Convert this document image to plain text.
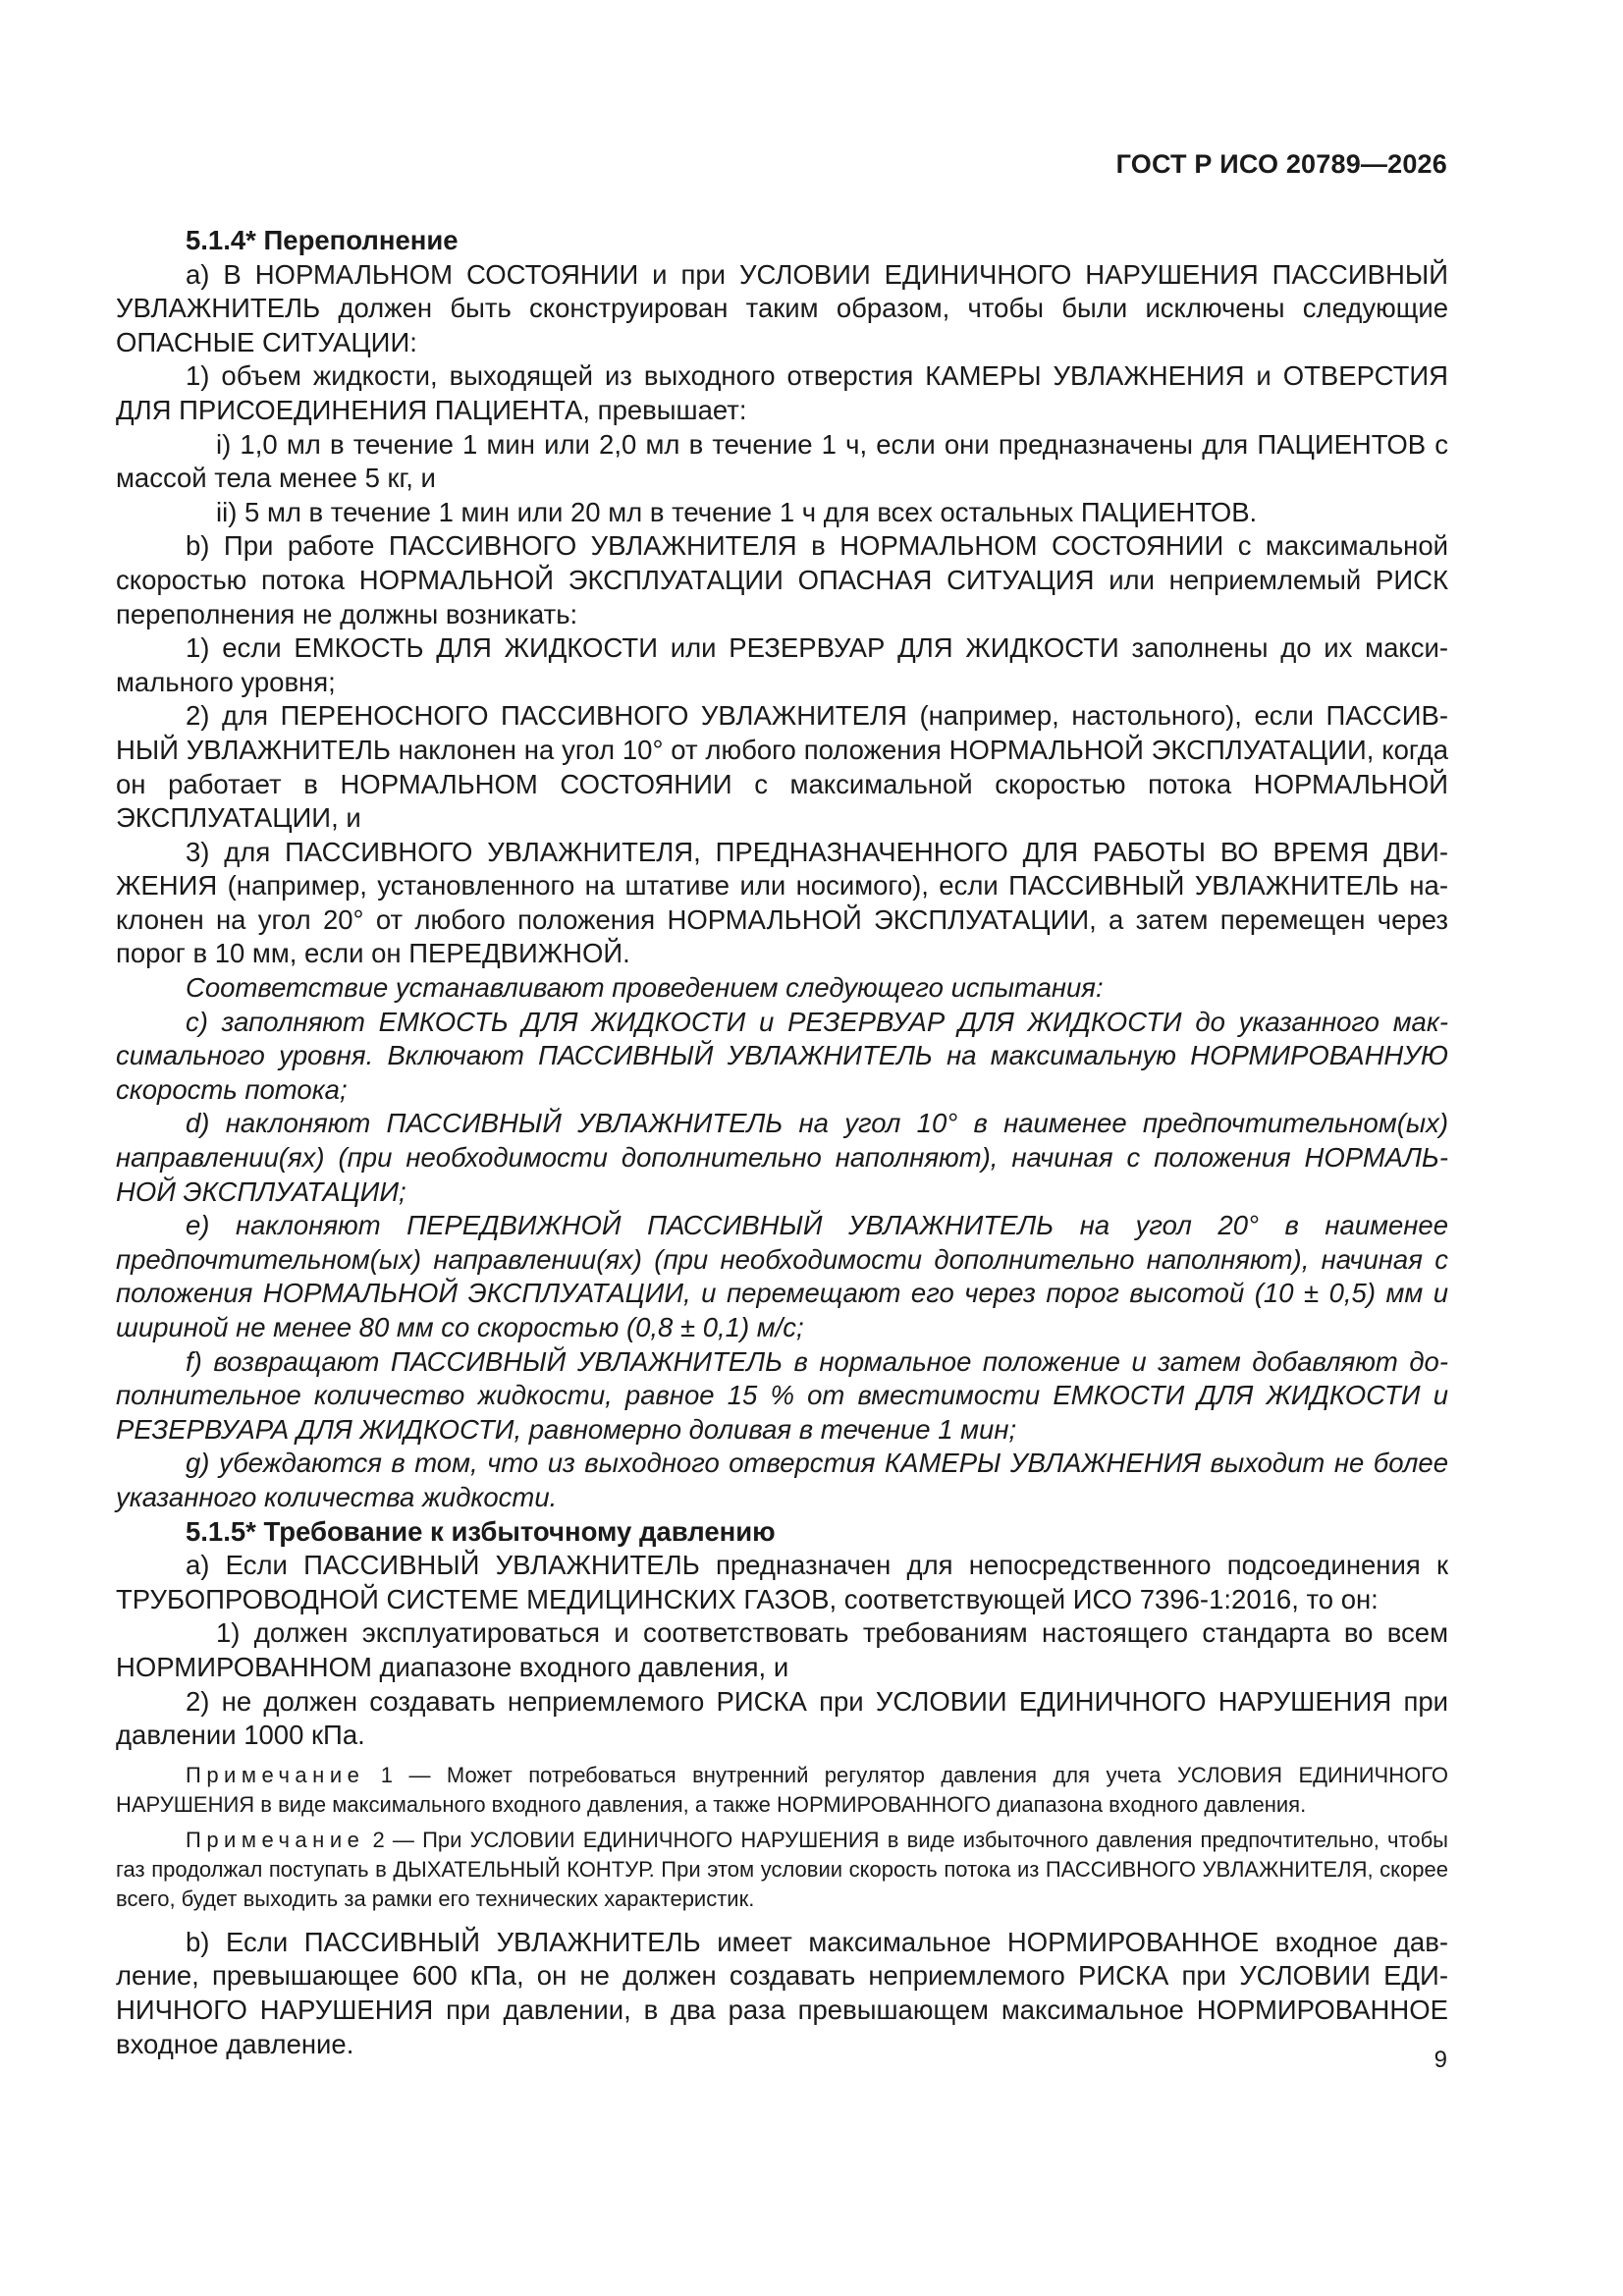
ГОСТ Р ИСО 20789—2026

5.1.4* Переполнение

a) В НОРМАЛЬНОМ СОСТОЯНИИ и при УСЛОВИИ ЕДИНИЧНОГО НАРУШЕНИЯ ПАССИВНЫЙ УВЛАЖНИТЕЛЬ должен быть сконструирован таким образом, чтобы были исключены следующие ОПАСНЫЕ СИТУАЦИИ:

1) объем жидкости, выходящей из выходного отверстия КАМЕРЫ УВЛАЖНЕНИЯ и ОТВЕРСТИЯ ДЛЯ ПРИСОЕДИНЕНИЯ ПАЦИЕНТА, превышает:

i) 1,0 мл в течение 1 мин или 2,0 мл в течение 1 ч, если они предназначены для ПАЦИЕНТОВ с массой тела менее 5 кг, и

ii) 5 мл в течение 1 мин или 20 мл в течение 1 ч для всех остальных ПАЦИЕНТОВ.

b) При работе ПАССИВНОГО УВЛАЖНИТЕЛЯ в НОРМАЛЬНОМ СОСТОЯНИИ с максимальной скоростью потока НОРМАЛЬНОЙ ЭКСПЛУАТАЦИИ ОПАСНАЯ СИТУАЦИЯ или неприемлемый РИСК переполнения не должны возникать:

1) если ЕМКОСТЬ ДЛЯ ЖИДКОСТИ или РЕЗЕРВУАР ДЛЯ ЖИДКОСТИ заполнены до их максимального уровня;

2) для ПЕРЕНОСНОГО ПАССИВНОГО УВЛАЖНИТЕЛЯ (например, настольного), если ПАССИВНЫЙ УВЛАЖНИТЕЛЬ наклонен на угол 10° от любого положения НОРМАЛЬНОЙ ЭКСПЛУАТАЦИИ, когда он работает в НОРМАЛЬНОМ СОСТОЯНИИ с максимальной скоростью потока НОРМАЛЬНОЙ ЭКСПЛУАТАЦИИ, и

3) для ПАССИВНОГО УВЛАЖНИТЕЛЯ, ПРЕДНАЗНАЧЕННОГО ДЛЯ РАБОТЫ ВО ВРЕМЯ ДВИЖЕНИЯ (например, установленного на штативе или носимого), если ПАССИВНЫЙ УВЛАЖНИТЕЛЬ наклонен на угол 20° от любого положения НОРМАЛЬНОЙ ЭКСПЛУАТАЦИИ, а затем перемещен через порог в 10 мм, если он ПЕРЕДВИЖНОЙ.

Соответствие устанавливают проведением следующего испытания:

c) заполняют ЕМКОСТЬ ДЛЯ ЖИДКОСТИ и РЕЗЕРВУАР ДЛЯ ЖИДКОСТИ до указанного максимального уровня. Включают ПАССИВНЫЙ УВЛАЖНИТЕЛЬ на максимальную НОРМИРОВАННУЮ скорость потока;

d) наклоняют ПАССИВНЫЙ УВЛАЖНИТЕЛЬ на угол 10° в наименее предпочтительном(ых) направлении(ях) (при необходимости дополнительно наполняют), начиная с положения НОРМАЛЬНОЙ ЭКСПЛУАТАЦИИ;

e) наклоняют ПЕРЕДВИЖНОЙ ПАССИВНЫЙ УВЛАЖНИТЕЛЬ на угол 20° в наименее предпочтительном(ых) направлении(ях) (при необходимости дополнительно наполняют), начиная с положения НОРМАЛЬНОЙ ЭКСПЛУАТАЦИИ, и перемещают его через порог высотой (10 ± 0,5) мм и шириной не менее 80 мм со скоростью (0,8 ± 0,1) м/с;

f) возвращают ПАССИВНЫЙ УВЛАЖНИТЕЛЬ в нормальное положение и затем добавляют дополнительное количество жидкости, равное 15 % от вместимости ЕМКОСТИ ДЛЯ ЖИДКОСТИ и РЕЗЕРВУАРА ДЛЯ ЖИДКОСТИ, равномерно доливая в течение 1 мин;

g) убеждаются в том, что из выходного отверстия КАМЕРЫ УВЛАЖНЕНИЯ выходит не более указанного количества жидкости.

5.1.5* Требование к избыточному давлению

a) Если ПАССИВНЫЙ УВЛАЖНИТЕЛЬ предназначен для непосредственного подсоединения к ТРУБОПРОВОДНОЙ СИСТЕМЕ МЕДИЦИНСКИХ ГАЗОВ, соответствующей ИСО 7396-1:2016, то он:

1) должен эксплуатироваться и соответствовать требованиям настоящего стандарта во всем НОРМИРОВАННОМ диапазоне входного давления, и

2) не должен создавать неприемлемого РИСКА при УСЛОВИИ ЕДИНИЧНОГО НАРУШЕНИЯ при давлении 1000 кПа.

Примечание 1 — Может потребоваться внутренний регулятор давления для учета УСЛОВИЯ ЕДИНИЧНОГО НАРУШЕНИЯ в виде максимального входного давления, а также НОРМИРОВАННОГО диапазона входного давления.

Примечание 2 — При УСЛОВИИ ЕДИНИЧНОГО НАРУШЕНИЯ в виде избыточного давления предпочтительно, чтобы газ продолжал поступать в ДЫХАТЕЛЬНЫЙ КОНТУР. При этом условии скорость потока из ПАССИВНОГО УВЛАЖНИТЕЛЯ, скорее всего, будет выходить за рамки его технических характеристик.

b) Если ПАССИВНЫЙ УВЛАЖНИТЕЛЬ имеет максимальное НОРМИРОВАННОЕ входное давление, превышающее 600 кПа, он не должен создавать неприемлемого РИСКА при УСЛОВИИ ЕДИНИЧНОГО НАРУШЕНИЯ при давлении, в два раза превышающем максимальное НОРМИРОВАННОЕ входное давление.

9
